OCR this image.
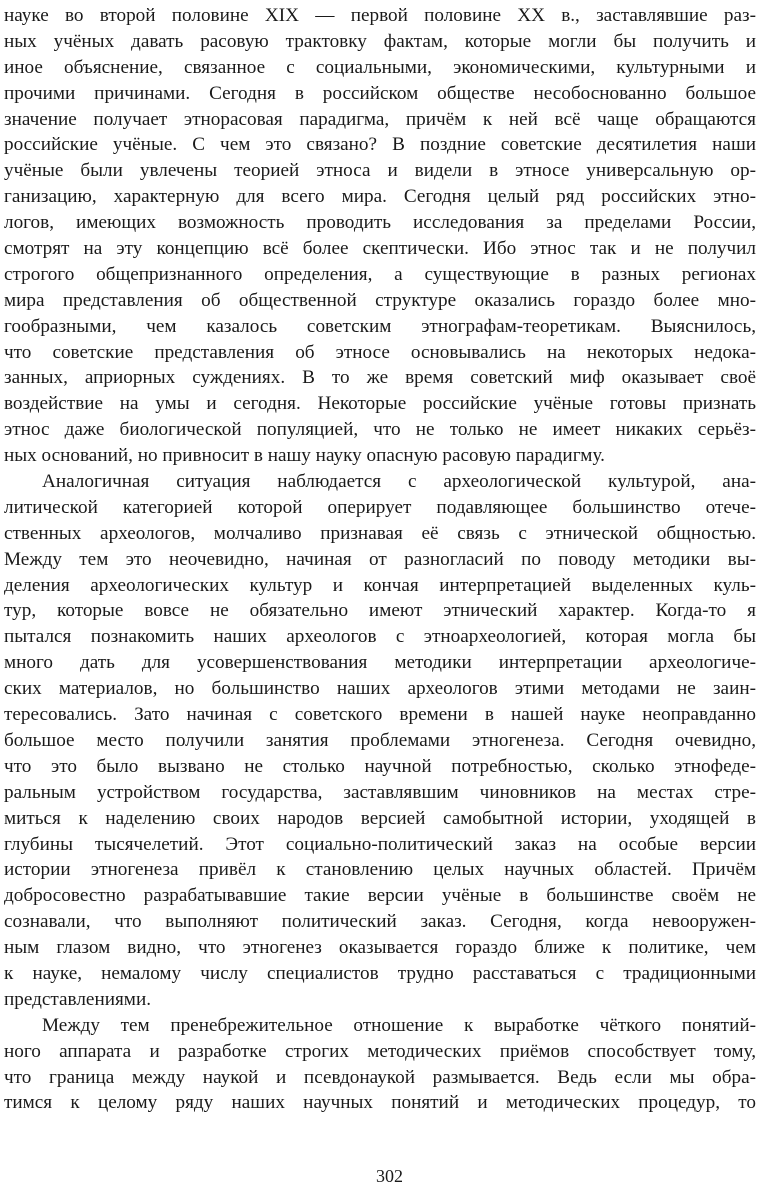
науке во второй половине XIX — первой половине XX в., заставлявшие раз-
ных учёных давать расовую трактовку фактам, которые могли бы получить и
иное объяснение, связанное с социальными, экономическими, культурными и
прочими причинами. Сегодня в российском обществе несобоснованно большое
значение получает этнорасовая парадигма, причём к ней всё чаще обращаются
российские учёные. С чем это связано? В поздние советские десятилетия наши
учёные были увлечены теорией этноса и видели в этносе универсальную ор-
ганизацию, характерную для всего мира. Сегодня целый ряд российских этно-
логов, имеющих возможность проводить исследования за пределами России,
смотрят на эту концепцию всё более скептически. Ибо этнос так и не получил
строгого общепризнанного определения, а существующие в разных регионах
мира представления об общественной структуре оказались гораздо более мно-
гообразными, чем казалось советским этнографам-теоретикам. Выяснилось,
что советские представления об этносе основывались на некоторых недока-
занных, априорных суждениях. В то же время советский миф оказывает своё
воздействие на умы и сегодня. Некоторые российские учёные готовы признать
этнос даже биологической популяцией, что не только не имеет никаких серьёз-
ных оснований, но привносит в нашу науку опасную расовую парадигму.
Аналогичная ситуация наблюдается с археологической культурой, ана-
литической категорией которой оперирует подавляющее большинство отече-
ственных археологов, молчаливо признавая её связь с этнической общностью.
Между тем это неочевидно, начиная от разногласий по поводу методики вы-
деления археологических культур и кончая интерпретацией выделенных куль-
тур, которые вовсе не обязательно имеют этнический характер. Когда-то я
пытался познакомить наших археологов с этноархеологией, которая могла бы
много дать для усовершенствования методики интерпретации археологиче-
ских материалов, но большинство наших археологов этими методами не заин-
тересовались. Зато начиная с советского времени в нашей науке неоправданно
большое место получили занятия проблемами этногенеза. Сегодня очевидно,
что это было вызвано не столько научной потребностью, сколько этнофеде-
ральным устройством государства, заставлявшим чиновников на местах стре-
миться к наделению своих народов версией самобытной истории, уходящей в
глубины тысячелетий. Этот социально-политический заказ на особые версии
истории этногенеза привёл к становлению целых научных областей. Причём
добросовестно разрабатывавшие такие версии учёные в большинстве своём не
сознавали, что выполняют политический заказ. Сегодня, когда невооружен-
ным глазом видно, что этногенез оказывается гораздо ближе к политике, чем
к науке, немалому числу специалистов трудно расставаться с традиционными
представлениями.
Между тем пренебрежительное отношение к выработке чёткого понятий-
ного аппарата и разработке строгих методических приёмов способствует тому,
что граница между наукой и псевдонаукой размывается. Ведь если мы обра-
тимся к целому ряду наших научных понятий и методических процедур, то
302
